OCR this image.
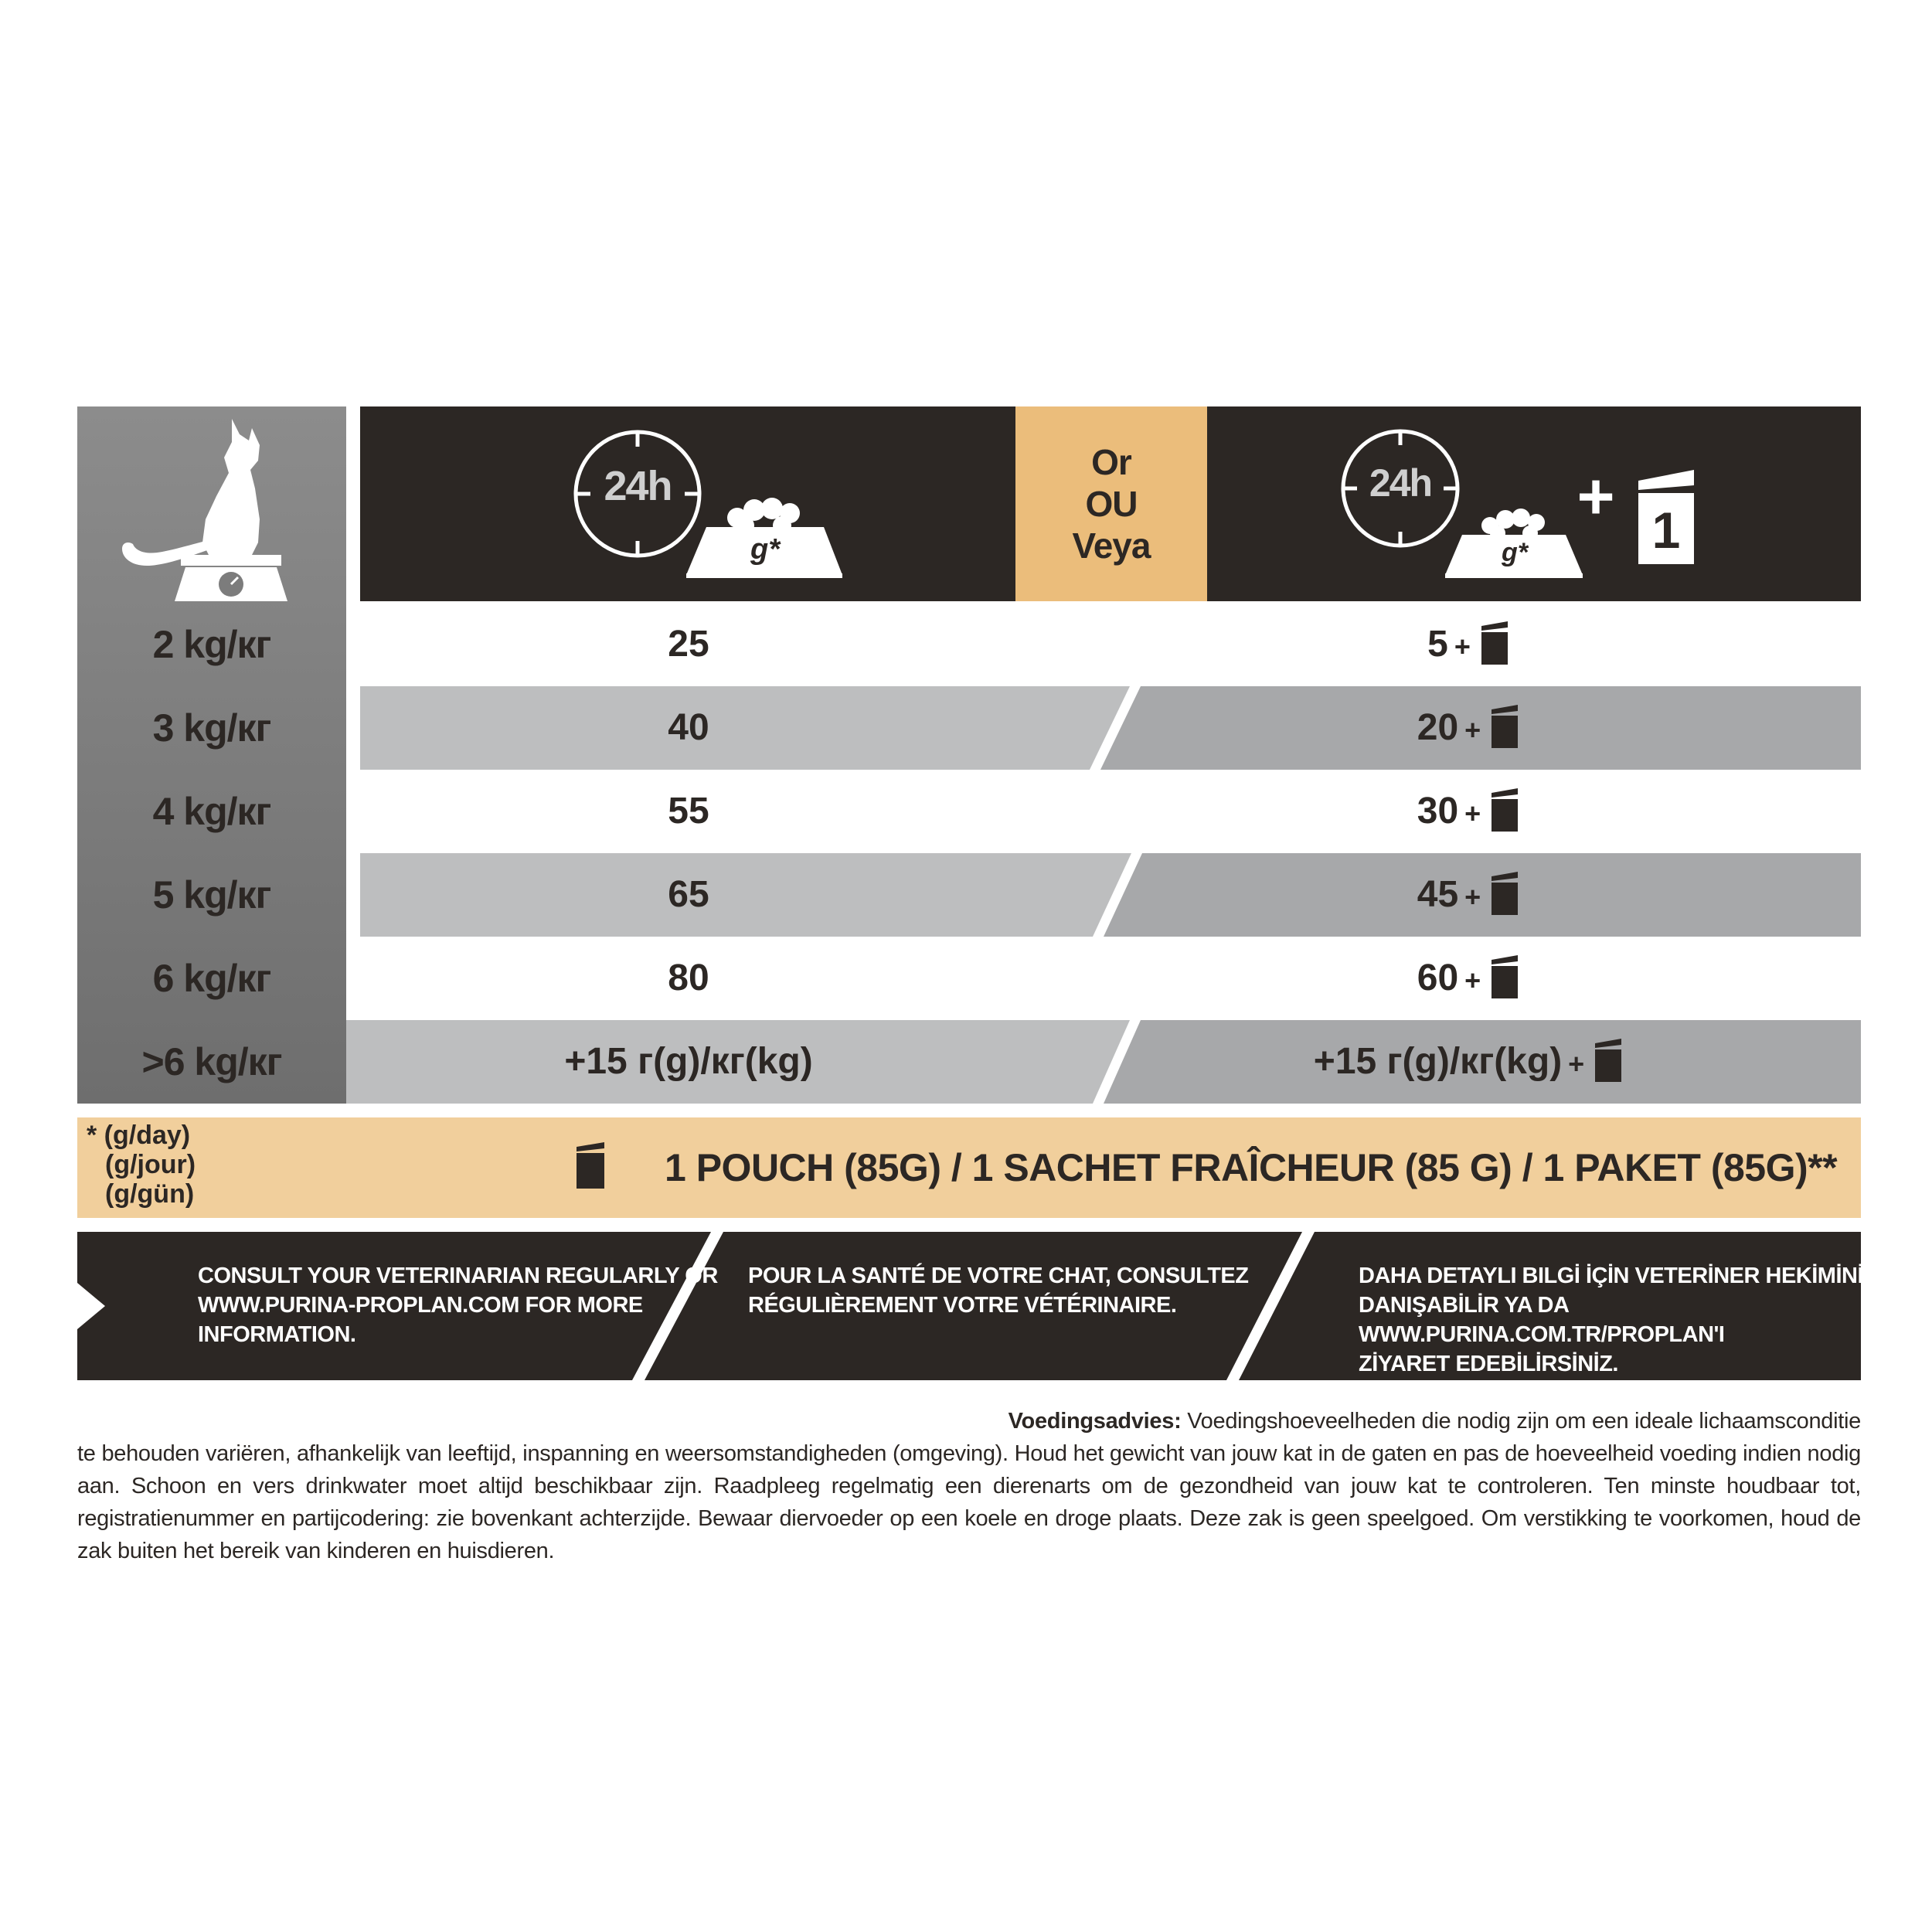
Or
OU
Veya
24h
g*
24h
g*
+ 1
2 kg/кг	25	5 +
3 kg/кг	40	20 +
4 kg/кг	55	30 +
5 kg/кг	65	45 +
6 kg/кг	80	60 +
>6 kg/кг	+15 г(g)/кг(kg)	+15 г(g)/кг(kg) +
* (g/day)
(g/jour)
(g/gün)
1 POUCH (85G) / 1 SACHET FRAÎCHEUR (85 G) / 1 PAKET (85G)**
CONSULT YOUR VETERINARIAN REGULARLY OR
WWW.PURINA-PROPLAN.COM FOR MORE
INFORMATION.
POUR LA SANTÉ DE VOTRE CHAT, CONSULTEZ
RÉGULIÈREMENT VOTRE VÉTÉRINAIRE.
DAHA DETAYLI BILGİ İÇİN VETERİNER HEKİMİNİZE
DANIŞABİLİR YA DA WWW.PURINA.COM.TR/PROPLAN'I
ZİYARET EDEBİLİRSİNİZ.
Voedingsadvies: Voedingshoeveelheden die nodig zijn om een ideale lichaamsconditie
te behouden variëren, afhankelijk van leeftijd, inspanning en weersomstandigheden (omgeving). Houd het gewicht van jouw kat in de gaten en pas de hoeveelheid voeding indien nodig aan. Schoon en vers drinkwater moet altijd beschikbaar zijn. Raadpleeg regelmatig een dierenarts om de gezondheid van jouw kat te controleren. Ten minste houdbaar tot, registratienummer en partijcodering: zie bovenkant achterzijde. Bewaar diervoeder op een koele en droge plaats. Deze zak is geen speelgoed. Om verstikking te voorkomen, houd de zak buiten het bereik van kinderen en huisdieren.
